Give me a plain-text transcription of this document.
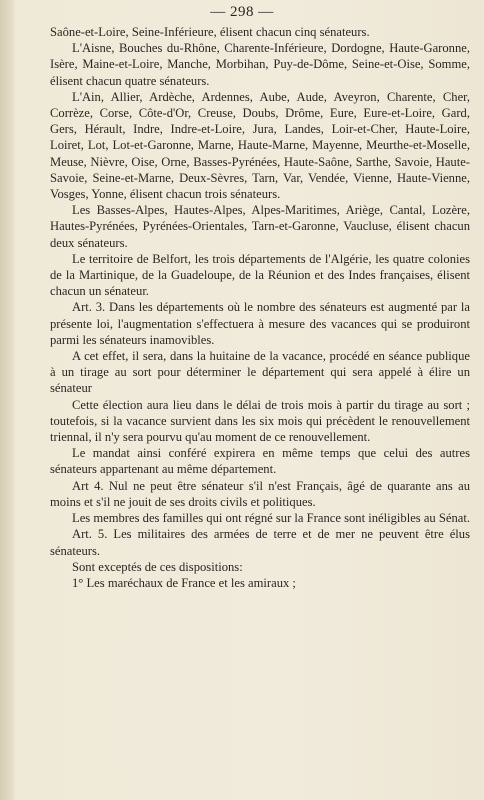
— 298 —

Saône-et-Loire, Seine-Inférieure, élisent chacun cinq sénateurs.

L'Aisne, Bouches du-Rhône, Charente-Inférieure, Dordogne, Haute-Garonne, Isère, Maine-et-Loire, Manche, Morbihan, Puy-de-Dôme, Seine-et-Oise, Somme, élisent chacun quatre sénateurs.

L'Ain, Allier, Ardèche, Ardennes, Aube, Aude, Aveyron, Charente, Cher, Corrèze, Corse, Côte-d'Or, Creuse, Doubs, Drôme, Eure, Eure-et-Loire, Gard, Gers, Hérault, Indre, Indre-et-Loire, Jura, Landes, Loir-et-Cher, Haute-Loire, Loiret, Lot, Lot-et-Garonne, Marne, Haute-Marne, Mayenne, Meurthe-et-Moselle, Meuse, Nièvre, Oise, Orne, Basses-Pyrénées, Haute-Saône, Sarthe, Savoie, Haute-Savoie, Seine-et-Marne, Deux-Sèvres, Tarn, Var, Vendée, Vienne, Haute-Vienne, Vosges, Yonne, élisent chacun trois sénateurs.

Les Basses-Alpes, Hautes-Alpes, Alpes-Maritimes, Ariège, Cantal, Lozère, Hautes-Pyrénées, Pyrénées-Orientales, Tarn-et-Garonne, Vaucluse, élisent chacun deux sénateurs.

Le territoire de Belfort, les trois départements de l'Algérie, les quatre colonies de la Martinique, de la Guadeloupe, de la Réunion et des Indes françaises, élisent chacun un sénateur.

Art. 3. Dans les départements où le nombre des sénateurs est augmenté par la présente loi, l'augmentation s'effectuera à mesure des vacances qui se produiront parmi les sénateurs inamovibles.

A cet effet, il sera, dans la huitaine de la vacance, procédé en séance publique à un tirage au sort pour déterminer le département qui sera appelé à élire un sénateur

Cette élection aura lieu dans le délai de trois mois à partir du tirage au sort ; toutefois, si la vacance survient dans les six mois qui précèdent le renouvellement triennal, il n'y sera pourvu qu'au moment de ce renouvellement.

Le mandat ainsi conféré expirera en même temps que celui des autres sénateurs appartenant au même département.

Art 4. Nul ne peut être sénateur s'il n'est Français, âgé de quarante ans au moins et s'il ne jouit de ses droits civils et politiques.

Les membres des familles qui ont régné sur la France sont inéligibles au Sénat.

Art. 5. Les militaires des armées de terre et de mer ne peuvent être élus sénateurs.

Sont exceptés de ces dispositions:

1° Les maréchaux de France et les amiraux ;
